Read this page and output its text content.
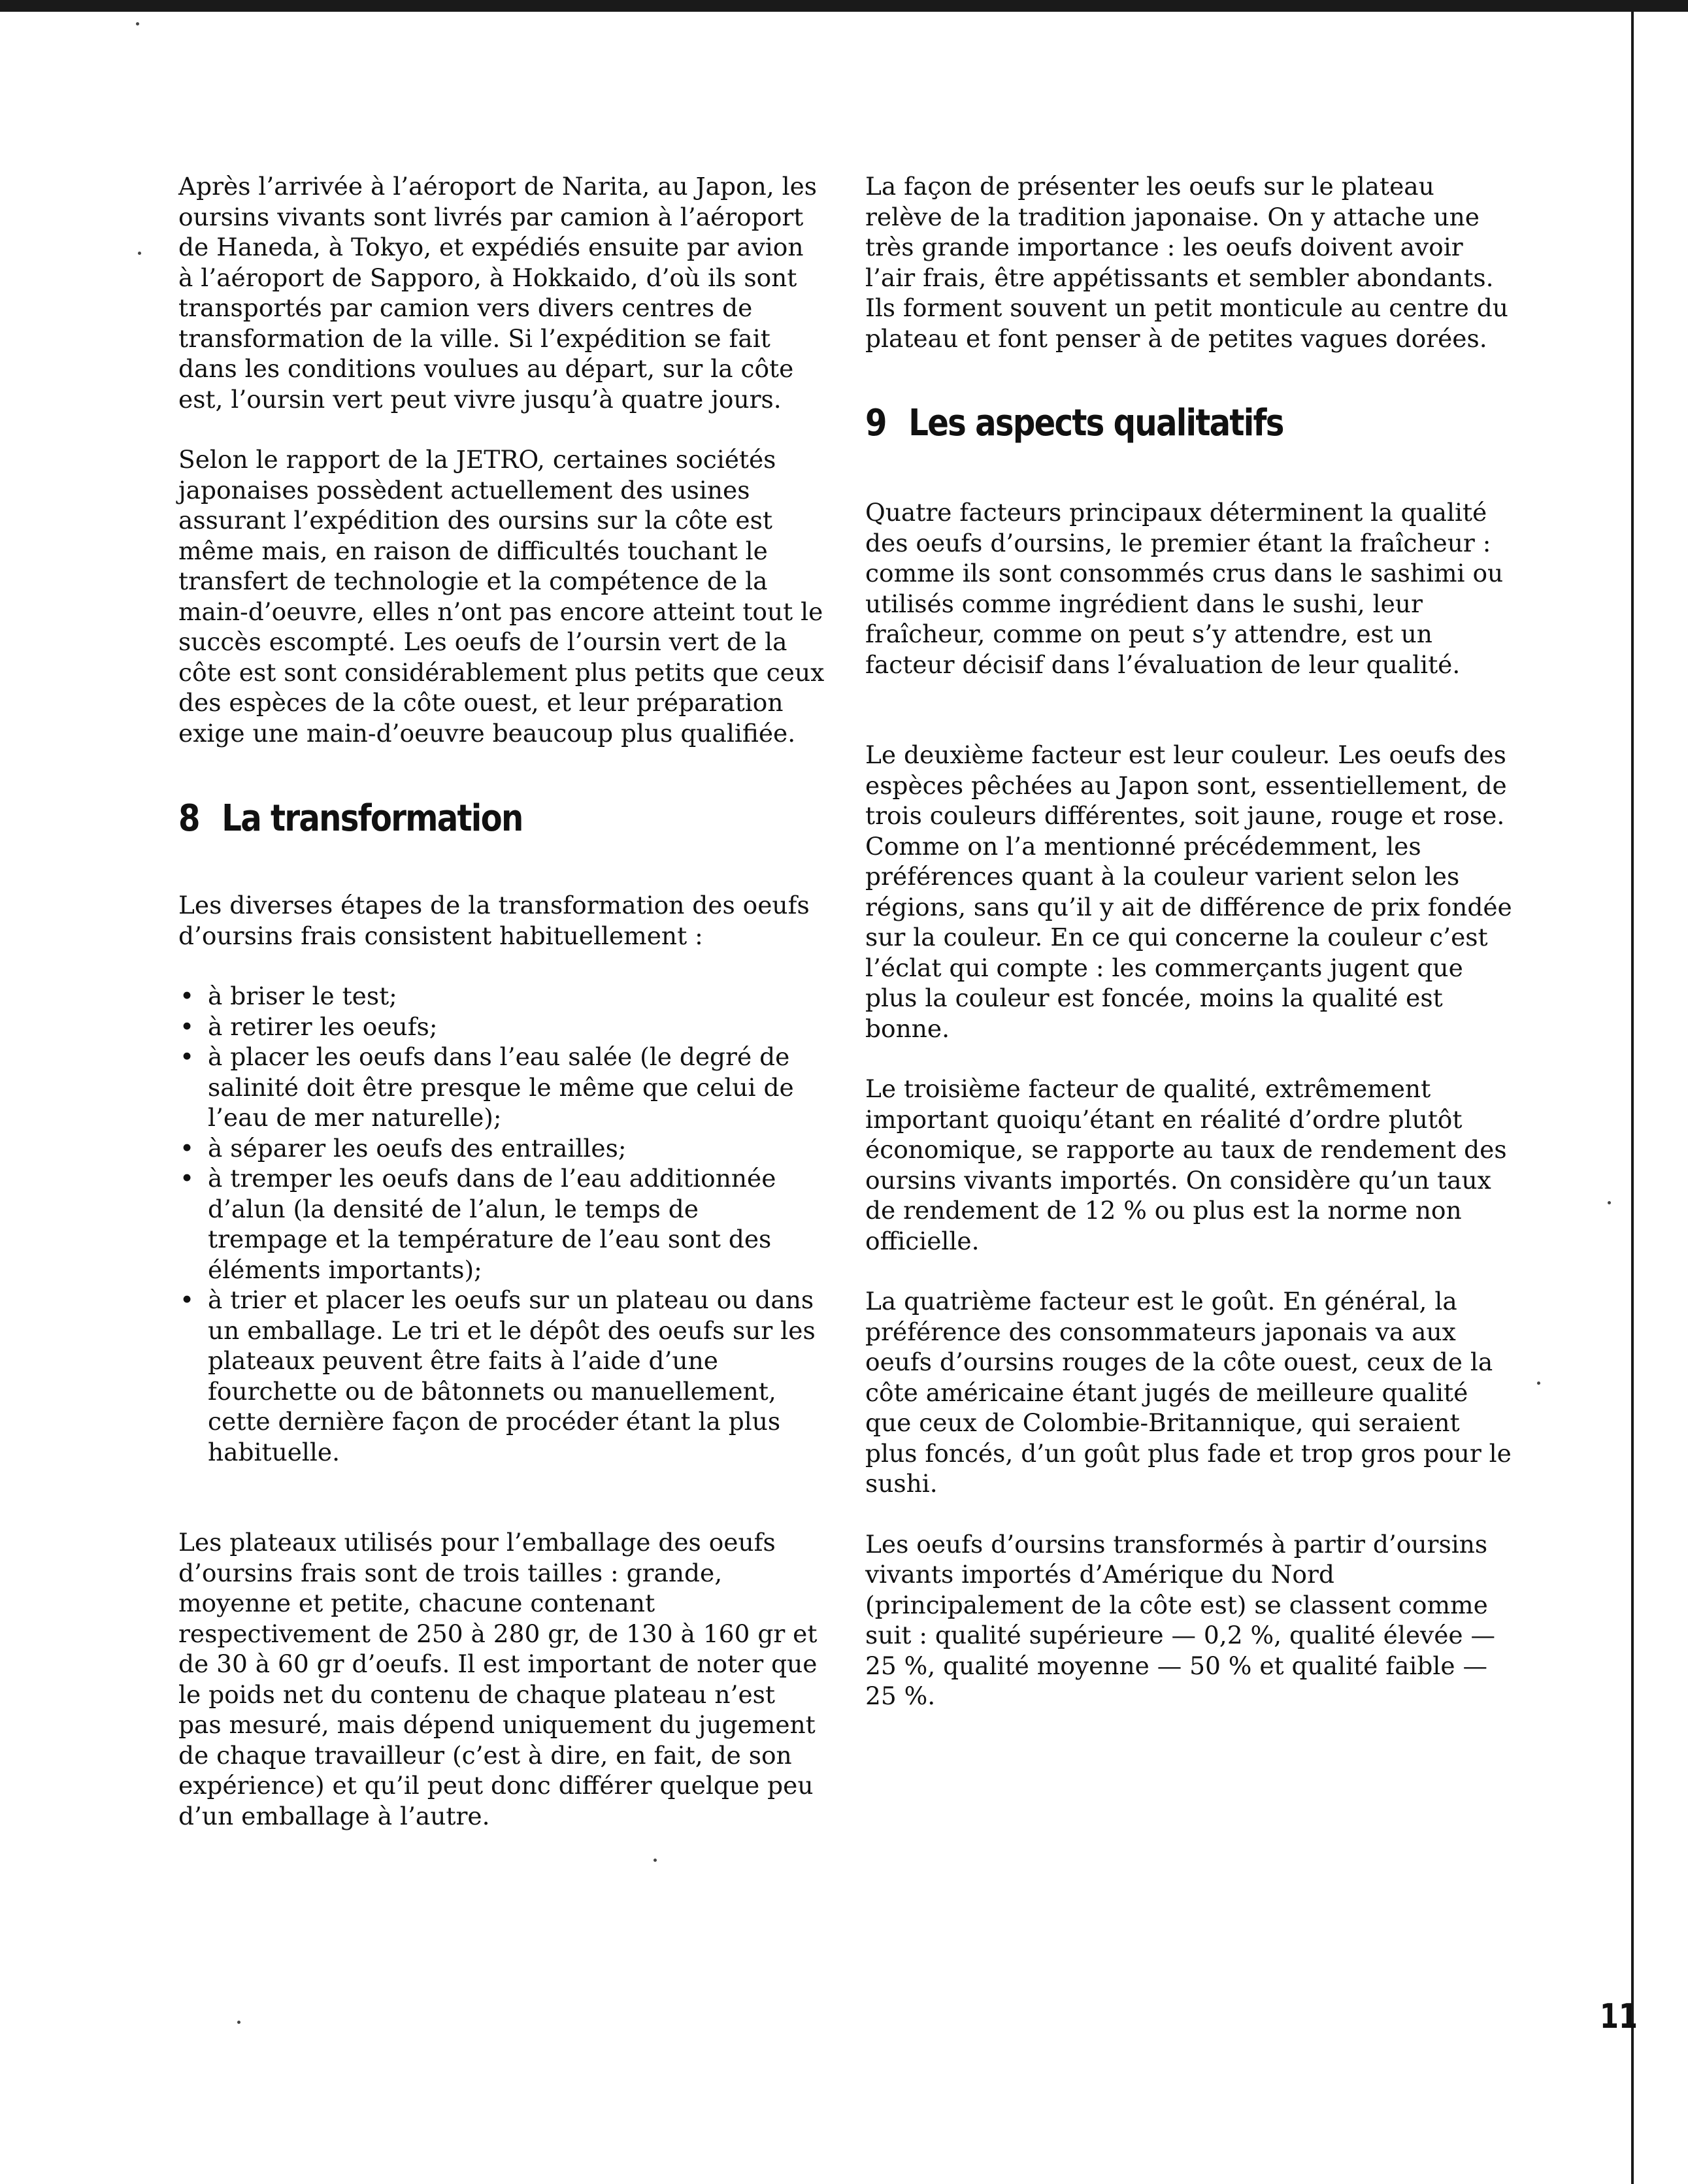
Après l’arrivée à l’aéroport de Narita, au Japon, les oursins vivants sont livrés par camion à l’aéroport de Haneda, à Tokyo, et expédiés ensuite par avion à l’aéroport de Sapporo, à Hokkaido, d’où ils sont transportés par camion vers divers centres de transformation de la ville. Si l’expédition se fait dans les conditions voulues au départ, sur la côte est, l’oursin vert peut vivre jusqu’à quatre jours.

Selon le rapport de la JETRO, certaines sociétés japonaises possèdent actuellement des usines assurant l’expédition des oursins sur la côte est même mais, en raison de difficultés touchant le transfert de technologie et la compétence de la main-d’oeuvre, elles n’ont pas encore atteint tout le succès escompté. Les oeufs de l’oursin vert de la côte est sont considérablement plus petits que ceux des espèces de la côte ouest, et leur préparation exige une main-d’oeuvre beaucoup plus qualifiée.

8 La transformation

Les diverses étapes de la transformation des oeufs d’oursins frais consistent habituellement :

• à briser le test;
• à retirer les oeufs;
• à placer les oeufs dans l’eau salée (le degré de salinité doit être presque le même que celui de l’eau de mer naturelle);
• à séparer les oeufs des entrailles;
• à tremper les oeufs dans de l’eau additionnée d’alun (la densité de l’alun, le temps de trempage et la température de l’eau sont des éléments importants);
• à trier et placer les oeufs sur un plateau ou dans un emballage. Le tri et le dépôt des oeufs sur les plateaux peuvent être faits à l’aide d’une fourchette ou de bâtonnets ou manuellement, cette dernière façon de procéder étant la plus habituelle.

Les plateaux utilisés pour l’emballage des oeufs d’oursins frais sont de trois tailles : grande, moyenne et petite, chacune contenant respectivement de 250 à 280 gr, de 130 à 160 gr et de 30 à 60 gr d’oeufs. Il est important de noter que le poids net du contenu de chaque plateau n’est pas mesuré, mais dépend uniquement du jugement de chaque travailleur (c’est à dire, en fait, de son expérience) et qu’il peut donc différer quelque peu d’un emballage à l’autre.

La façon de présenter les oeufs sur le plateau relève de la tradition japonaise. On y attache une très grande importance : les oeufs doivent avoir l’air frais, être appétissants et sembler abondants. Ils forment souvent un petit monticule au centre du plateau et font penser à de petites vagues dorées.

9 Les aspects qualitatifs

Quatre facteurs principaux déterminent la qualité des oeufs d’oursins, le premier étant la fraîcheur : comme ils sont consommés crus dans le sashimi ou utilisés comme ingrédient dans le sushi, leur fraîcheur, comme on peut s’y attendre, est un facteur décisif dans l’évaluation de leur qualité.

Le deuxième facteur est leur couleur. Les oeufs des espèces pêchées au Japon sont, essentiellement, de trois couleurs différentes, soit jaune, rouge et rose. Comme on l’a mentionné précédemment, les préférences quant à la couleur varient selon les régions, sans qu’il y ait de différence de prix fondée sur la couleur. En ce qui concerne la couleur c’est l’éclat qui compte : les commerçants jugent que plus la couleur est foncée, moins la qualité est bonne.

Le troisième facteur de qualité, extrêmement important quoiqu’étant en réalité d’ordre plutôt économique, se rapporte au taux de rendement des oursins vivants importés. On considère qu’un taux de rendement de 12 % ou plus est la norme non officielle.

La quatrième facteur est le goût. En général, la préférence des consommateurs japonais va aux oeufs d’oursins rouges de la côte ouest, ceux de la côte américaine étant jugés de meilleure qualité que ceux de Colombie-Britannique, qui seraient plus foncés, d’un goût plus fade et trop gros pour le sushi.

Les oeufs d’oursins transformés à partir d’oursins vivants importés d’Amérique du Nord (principalement de la côte est) se classent comme suit : qualité supérieure — 0,2 %, qualité élevée — 25 %, qualité moyenne — 50 % et qualité faible — 25 %.

11
